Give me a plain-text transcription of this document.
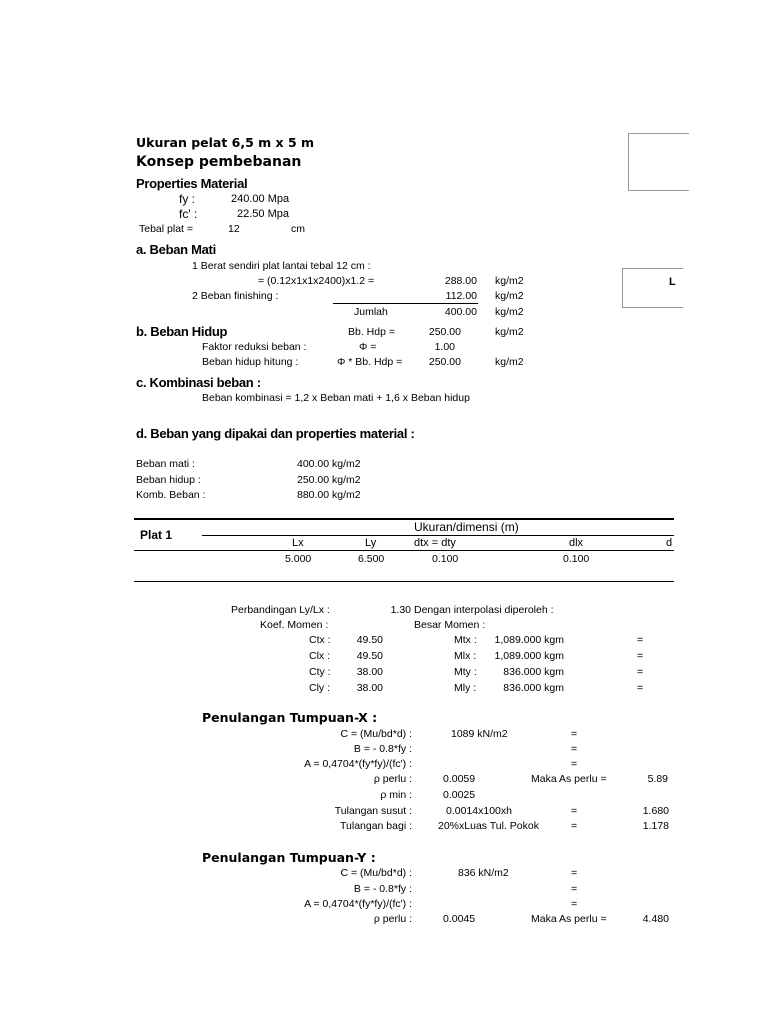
Ukuran pelat 6,5 m x 5 m
Konsep pembebanan
L
Properties Material
fy :	240.00 Mpa
fc' :	22.50 Mpa
Tebal plat =	12	cm
a. Beban Mati
1 Berat sendiri plat lantai tebal 12 cm :
= (0.12x1x1x2400)x1.2 =	288.00 kg/m2
2 Beban finishing :	112.00 kg/m2
Jumlah	400.00 kg/m2
b. Beban Hidup	Bb. Hdp =	250.00	kg/m2
Faktor reduksi beban :	Φ =	1.00
Beban hidup hitung :	Φ * Bb. Hdp =	250.00	kg/m2
c. Kombinasi beban :
Beban kombinasi = 1,2 x Beban mati + 1,6 x Beban hidup
d. Beban yang dipakai dan properties material :
Beban mati :	400.00 kg/m2
Beban hidup :	250.00 kg/m2
Komb. Beban :	880.00 kg/m2
Plat 1
Ukuran/dimensi (m)
Lx	Ly	dtx = dty	dlx	d
5.000	6.500	0.100	0.100
Perbandingan Ly/Lx :	1.30 Dengan interpolasi diperoleh :
Koef. Momen :	Besar Momen :
Ctx :	49.50	Mtx :	1,089.000 kgm	=
Clx :	49.50	Mlx :	1,089.000 kgm	=
Cty :	38.00	Mty :	836.000 kgm	=
Cly :	38.00	Mly :	836.000 kgm	=
Penulangan Tumpuan-X :
C = (Mu/bd*d) :	1089 kN/m2	=
B = - 0.8*fy :	=
A = 0,4704*(fy*fy)/(fc') :	=
ρ perlu :	0.0059	Maka As perlu =	5.89
ρ min :	0.0025
Tulangan susut :	0.0014x100xh	=	1.680
Tulangan bagi : 20%xLuas Tul. Pokok	=	1.178
Penulangan Tumpuan-Y :
C = (Mu/bd*d) :	836 kN/m2	=
B = - 0.8*fy :	=
A = 0,4704*(fy*fy)/(fc') :	=
ρ perlu :	0.0045	Maka As perlu =	4.480
